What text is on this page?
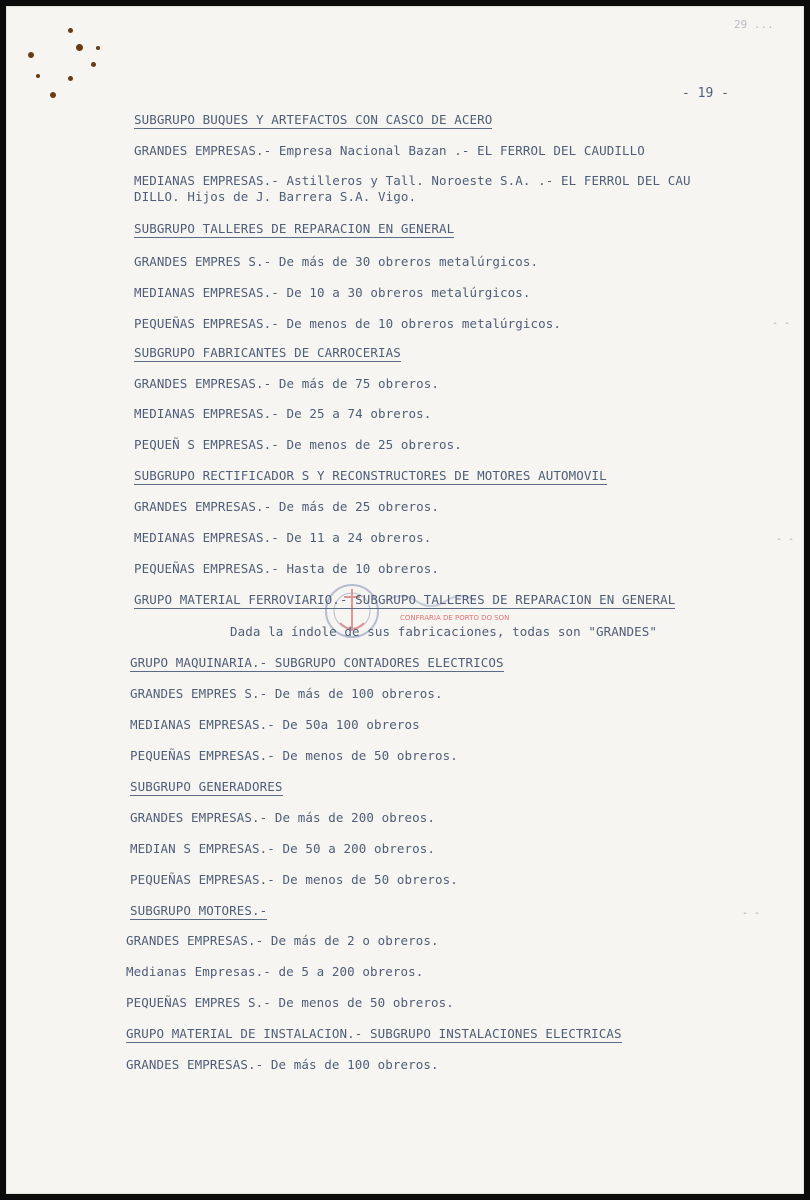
29 ...
- 19 -
CONFRARIA DE PORTO DO SON
- -
- -
- -
SUBGRUPO BUQUES Y ARTEFACTOS CON CASCO DE ACERO
GRANDES EMPRESAS.- Empresa Nacional Bazan .- EL FERROL DEL CAUDILLO
MEDIANAS EMPRESAS.- Astilleros y Tall. Noroeste S.A. .- EL FERROL DEL CAU
DILLO. Hijos de J. Barrera S.A. Vigo.
SUBGRUPO TALLERES DE REPARACION EN GENERAL
GRANDES EMPRES S.- De más de 30 obreros metalúrgicos.
MEDIANAS EMPRESAS.- De 10 a 30 obreros metalúrgicos.
PEQUEÑAS EMPRESAS.- De menos de 10 obreros metalúrgicos.
SUBGRUPO FABRICANTES DE CARROCERIAS
GRANDES EMPRESAS.- De más de 75 obreros.
MEDIANAS EMPRESAS.- De 25 a 74 obreros.
PEQUEÑ S EMPRESAS.- De menos de 25 obreros.
SUBGRUPO RECTIFICADOR S Y RECONSTRUCTORES DE MOTORES AUTOMOVIL
GRANDES EMPRESAS.- De más de 25 obreros.
MEDIANAS EMPRESAS.- De 11 a 24 obreros.
PEQUEÑAS EMPRESAS.- Hasta de 10 obreros.
GRUPO MATERIAL FERROVIARIO.- SUBGRUPO TALLERES DE REPARACION EN GENERAL
Dada la índole de sus fabricaciones, todas son "GRANDES"
GRUPO MAQUINARIA.- SUBGRUPO CONTADORES ELECTRICOS
GRANDES EMPRES S.- De más de 100 obreros.
MEDIANAS EMPRESAS.- De 50a 100 obreros
PEQUEÑAS EMPRESAS.- De menos de 50 obreros.
SUBGRUPO GENERADORES
GRANDES EMPRESAS.- De más de 200 obreos.
MEDIAN S EMPRESAS.- De 50 a 200 obreros.
PEQUEÑAS EMPRESAS.- De menos de 50 obreros.
SUBGRUPO MOTORES.-
GRANDES EMPRESAS.- De más de 2 o obreros.
Medianas Empresas.- de 5 a 200 obreros.
PEQUEÑAS EMPRES S.- De menos de 50 obreros.
GRUPO MATERIAL DE INSTALACION.- SUBGRUPO INSTALACIONES ELECTRICAS
GRANDES EMPRESAS.- De más de 100 obreros.
